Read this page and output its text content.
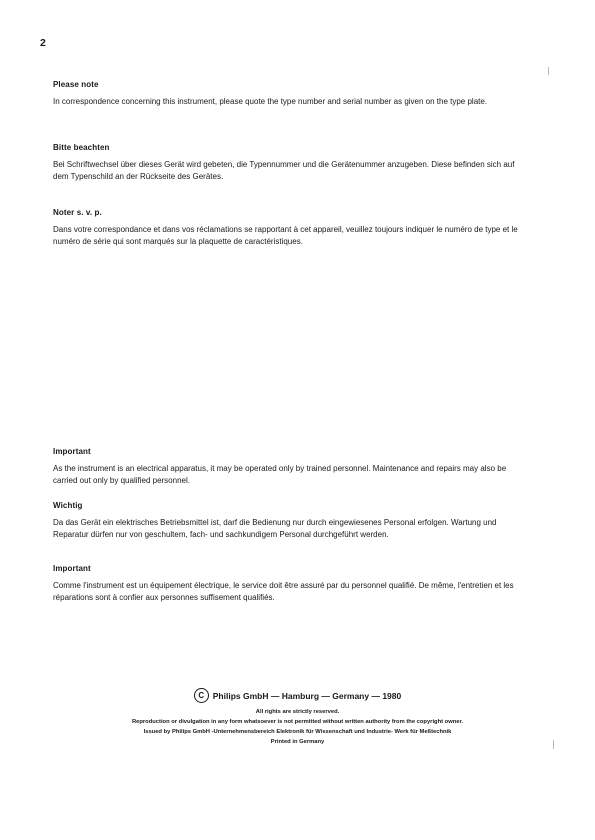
2
Please note

In correspondence concerning this instrument, please quote the type number and serial number as given on the type plate.

Bitte beachten

Bei Schriftwechsel über dieses Gerät wird gebeten, die Typennummer und die Gerätenummer anzugeben. Diese befinden sich auf dem Typenschild an der Rückseite des Gerätes.

Noter s. v. p.

Dans votre correspondance et dans vos réclamations se rapportant à cet appareil, veuillez toujours indiquer le numéro de type et le numéro de série qui sont marqués sur la plaquette de caractéristiques.

Important

As the instrument is an electrical apparatus, it may be operated only by trained personnel. Maintenance and repairs may also be carried out only by qualified personnel.

Wichtig

Da das Gerät ein elektrisches Betriebsmittel ist, darf die Bedienung nur durch eingewiesenes Personal erfolgen. Wartung und Reparatur dürfen nur von geschultem, fach- und sachkundigem Personal durchgeführt werden.

Important

Comme l'instrument est un équipement électrique, le service doit être assuré par du personnel qualifié. De même, l'entretien et les réparations sont à confier aux personnes suffisement qualifiés.

C	Philips GmbH — Hamburg — Germany — 1980
All rights are strictly reserved.
Reproduction or divulgation in any form whatsoever is not permitted without written authority from the copyright owner.
Issued by Philips GmbH -Unternehmensbereich Elektronik für Wissenschaft und Industrie- Werk für Meßtechnik
Printed in Germany
